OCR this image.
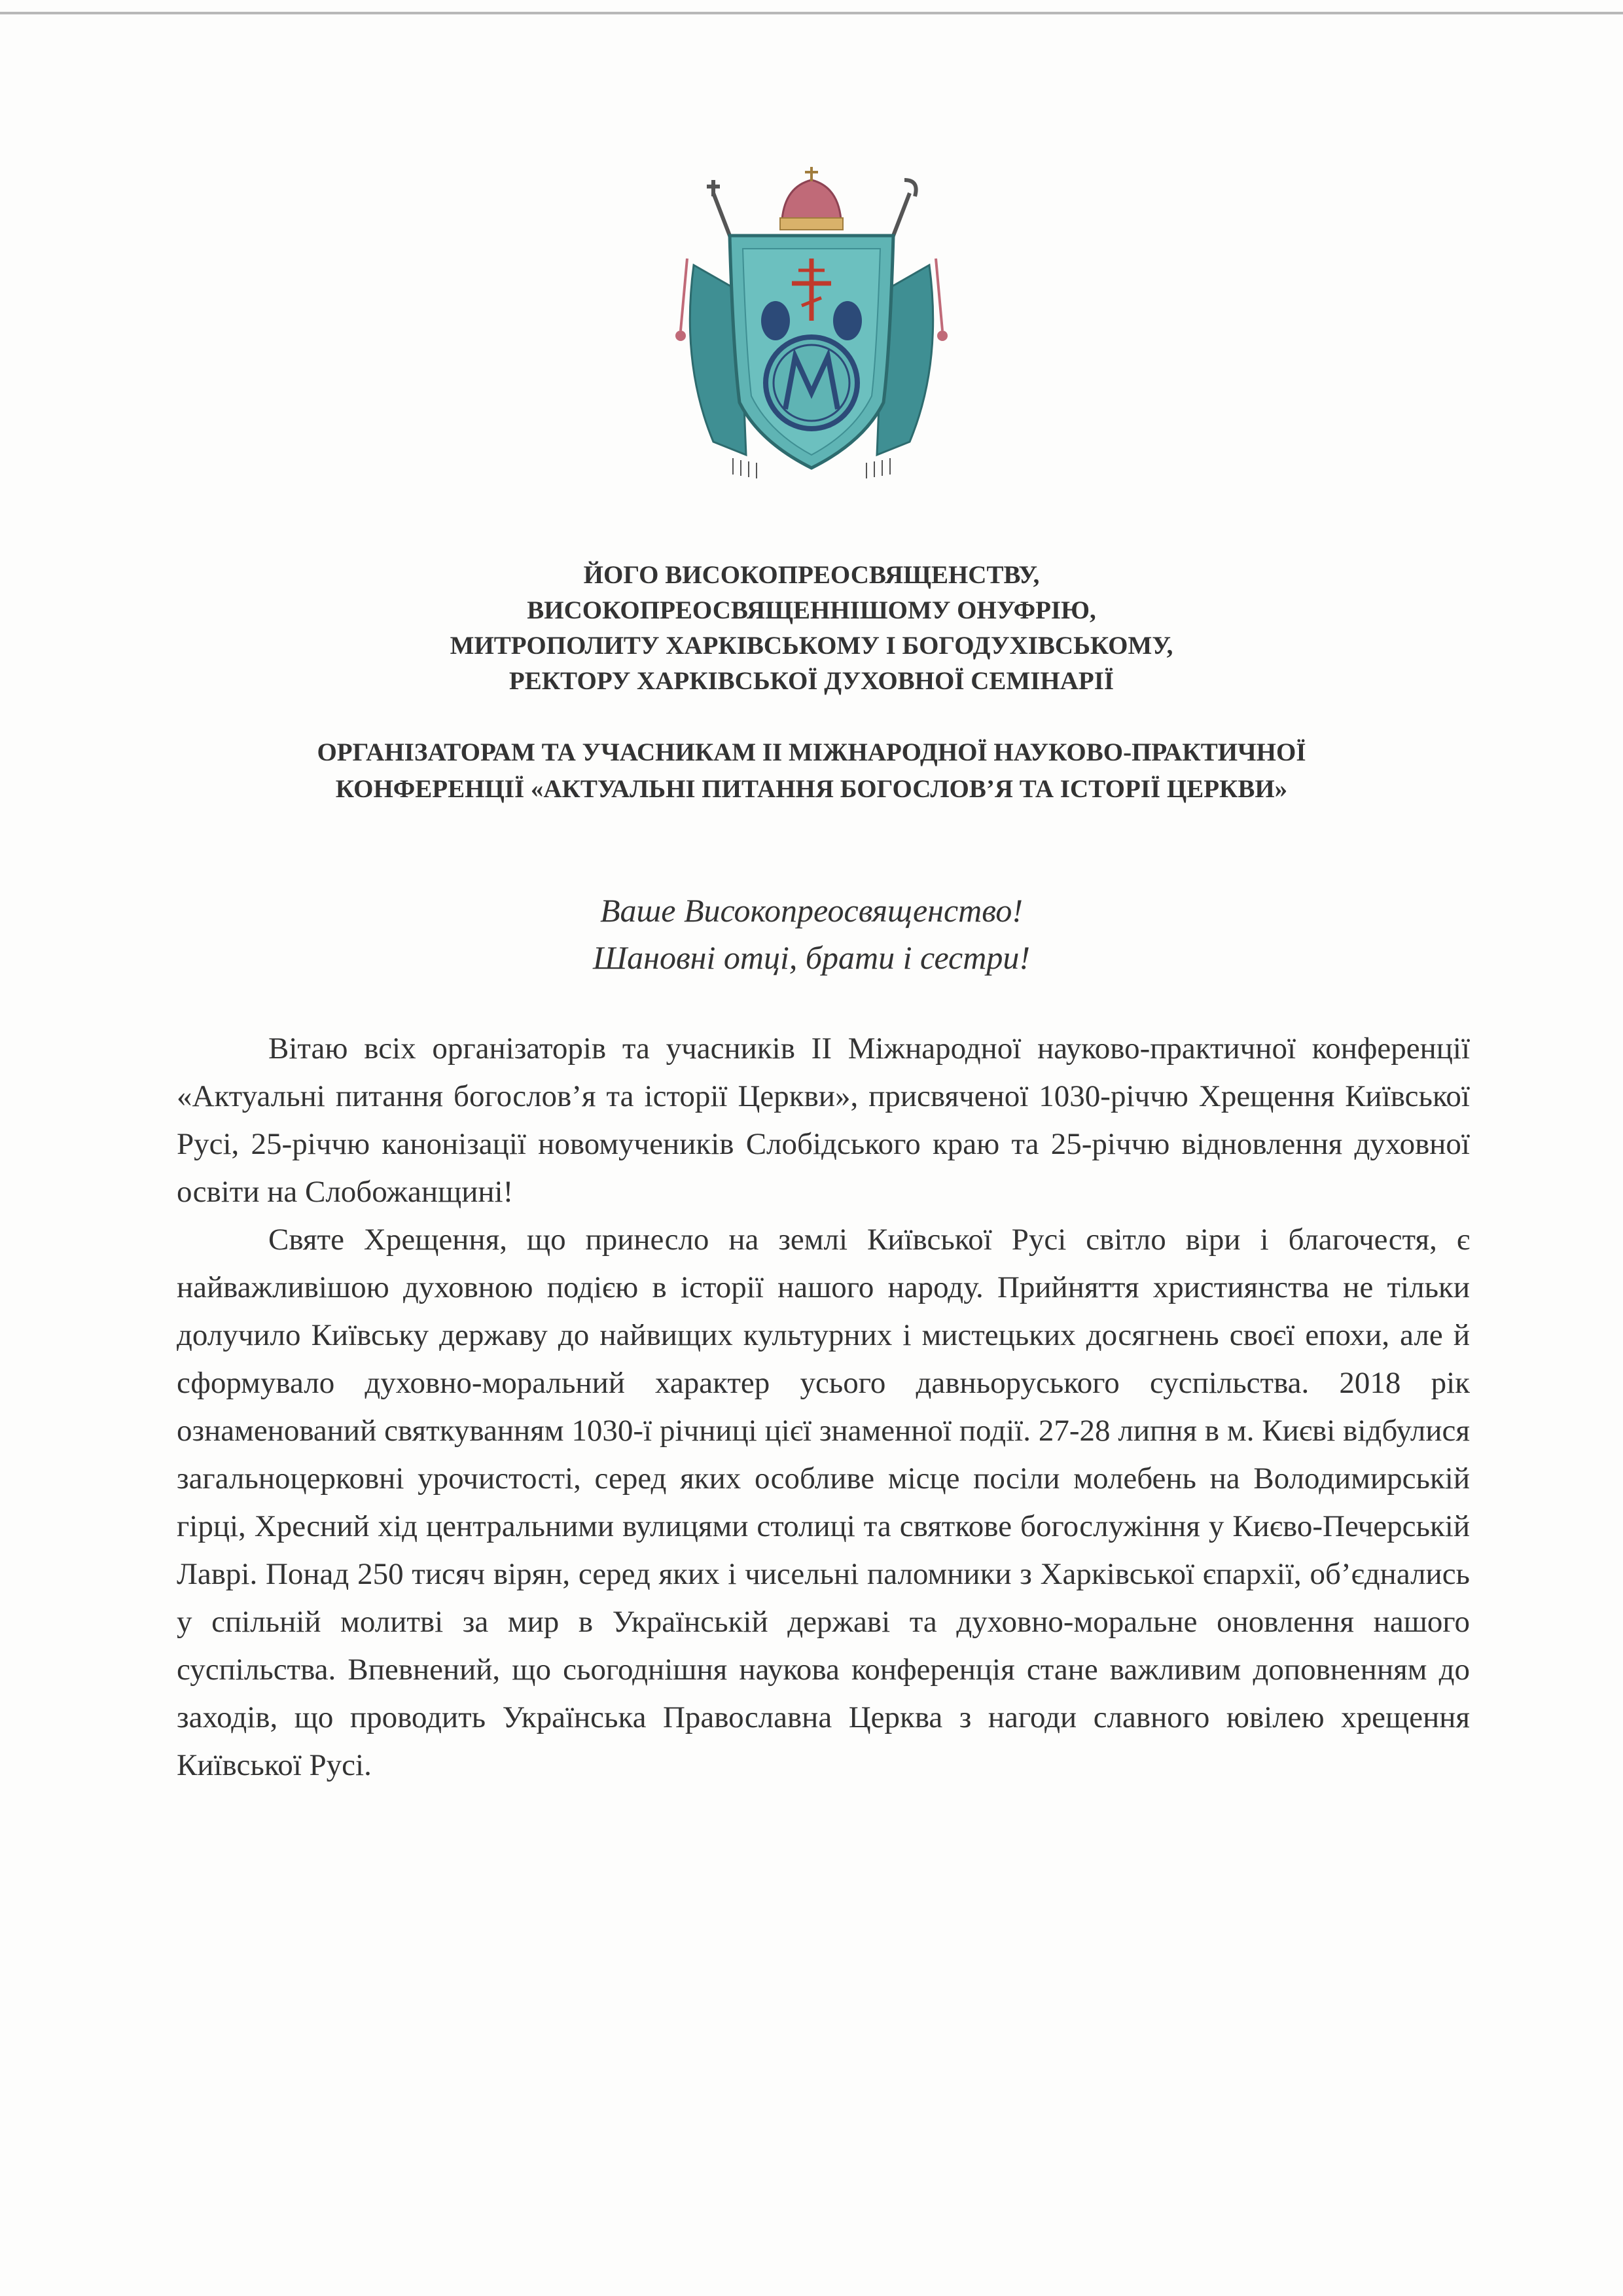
ЙОГО ВИСОКОПРЕОСВЯЩЕНСТВУ,
ВИСОКОПРЕОСВЯЩЕННІШОМУ ОНУФРІЮ,
МИТРОПОЛИТУ ХАРКІВСЬКОМУ І БОГОДУХІВСЬКОМУ,
РЕКТОРУ ХАРКІВСЬКОЇ ДУХОВНОЇ СЕМІНАРІЇ
ОРГАНІЗАТОРАМ ТА УЧАСНИКАМ ІІ МІЖНАРОДНОЇ НАУКОВО-ПРАКТИЧНОЇ
КОНФЕРЕНЦІЇ «АКТУАЛЬНІ ПИТАННЯ БОГОСЛОВ’Я ТА ІСТОРІЇ ЦЕРКВИ»
Ваше Високопреосвященство!
Шановні отці, брати і сестри!

Вітаю всіх організаторів та учасників ІІ Міжнародної науково-практичної конференції «Актуальні питання богослов’я та історії Церкви», присвяченої 1030-річчю Хрещення Київської Русі, 25-річчю канонізації новомучеників Слобідського краю та 25-річчю відновлення духовної освіти на Слобожанщині!

Святе Хрещення, що принесло на землі Київської Русі світло віри і благочестя, є найважливішою духовною подією в історії нашого народу. Прийняття християнства не тільки долучило Київську державу до найвищих культурних і мистецьких досягнень своєї епохи, але й сформувало духовно-моральний характер усього давньоруського суспільства. 2018 рік ознаменований святкуванням 1030-ї річниці цієї знаменної події. 27-28 липня в м. Києві відбулися загальноцерковні урочистості, серед яких особливе місце посіли молебень на Володимирській гірці, Хресний хід центральними вулицями столиці та святкове богослужіння у Києво-Печерській Лаврі. Понад 250 тисяч вірян, серед яких і чисельні паломники з Харківської єпархії, об’єднались у спільній молитві за мир в Українській державі та духовно-моральне оновлення нашого суспільства. Впевнений, що сьогоднішня наукова конференція стане важливим доповненням до заходів, що проводить Українська Православна Церква з нагоди славного ювілею хрещення Київської Русі.
